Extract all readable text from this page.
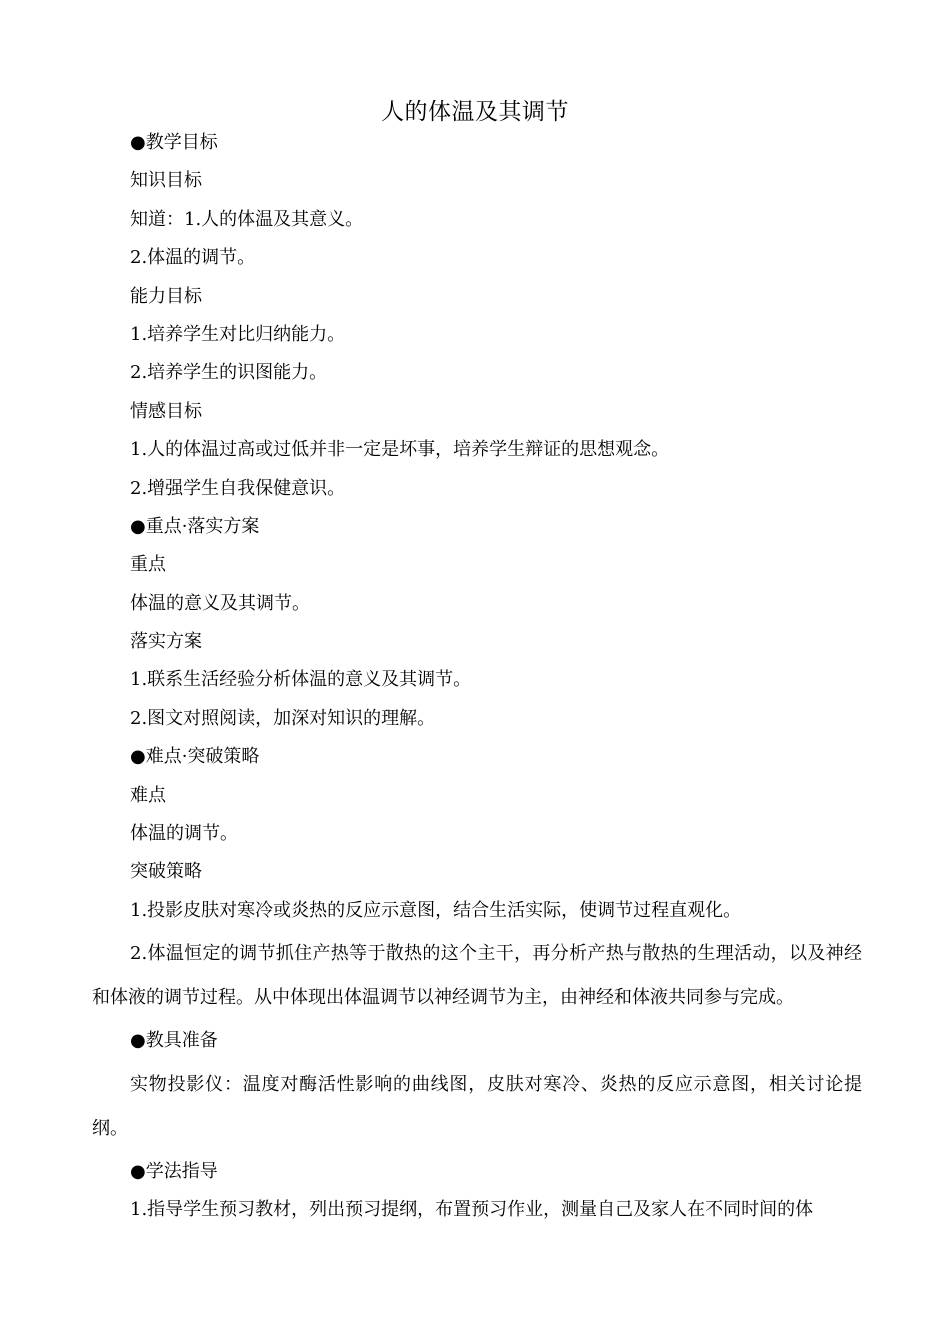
人的体温及其调节
●教学目标
知识目标
知道：1.人的体温及其意义。
2.体温的调节。
能力目标
1.培养学生对比归纳能力。
2.培养学生的识图能力。
情感目标
1.人的体温过高或过低并非一定是坏事，培养学生辩证的思想观念。
2.增强学生自我保健意识。
●重点·落实方案
重点
体温的意义及其调节。
落实方案
1.联系生活经验分析体温的意义及其调节。
2.图文对照阅读，加深对知识的理解。
●难点·突破策略
难点
体温的调节。
突破策略
1.投影皮肤对寒冷或炎热的反应示意图，结合生活实际，使调节过程直观化。

2.体温恒定的调节抓住产热等于散热的这个主干，再分析产热与散热的生理活动，以及神经和体液的调节过程。从中体现出体温调节以神经调节为主，由神经和体液共同参与完成。

●教具准备

实物投影仪：温度对酶活性影响的曲线图，皮肤对寒冷、炎热的反应示意图，相关讨论提纲。

●学法指导

1.指导学生预习教材，列出预习提纲，布置预习作业，测量自己及家人在不同时间的体
